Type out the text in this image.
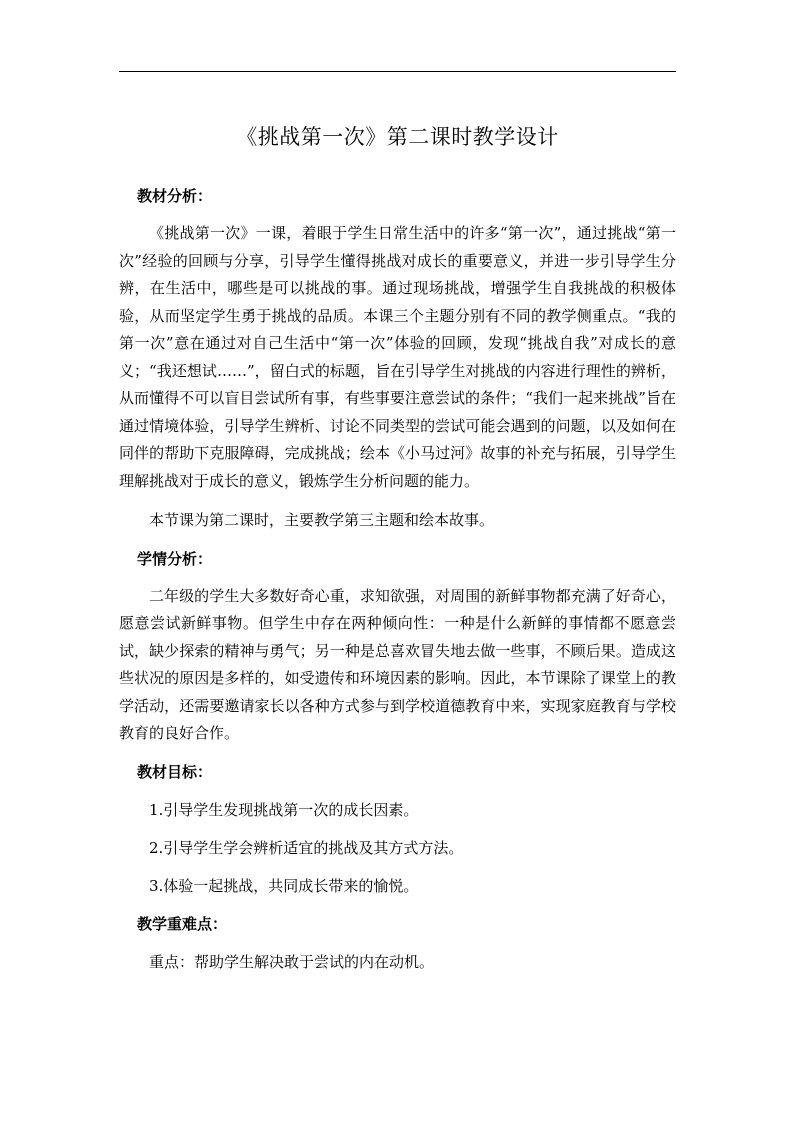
《挑战第一次》第二课时教学设计
教材分析：

《挑战第一次》一课，着眼于学生日常生活中的许多“第一次”，通过挑战“第一次”经验的回顾与分享，引导学生懂得挑战对成长的重要意义，并进一步引导学生分辨，在生活中，哪些是可以挑战的事。通过现场挑战，增强学生自我挑战的积极体验，从而坚定学生勇于挑战的品质。本课三个主题分别有不同的教学侧重点。“我的第一次”意在通过对自己生活中“第一次”体验的回顾，发现“挑战自我”对成长的意义；“我还想试……”，留白式的标题，旨在引导学生对挑战的内容进行理性的辨析，从而懂得不可以盲目尝试所有事，有些事要注意尝试的条件；“我们一起来挑战”旨在通过情境体验，引导学生辨析、讨论不同类型的尝试可能会遇到的问题，以及如何在同伴的帮助下克服障碍，完成挑战；绘本《小马过河》故事的补充与拓展，引导学生理解挑战对于成长的意义，锻炼学生分析问题的能力。

本节课为第二课时，主要教学第三主题和绘本故事。

学情分析：

二年级的学生大多数好奇心重，求知欲强，对周围的新鲜事物都充满了好奇心，愿意尝试新鲜事物。但学生中存在两种倾向性：一种是什么新鲜的事情都不愿意尝试，缺少探索的精神与勇气；另一种是总喜欢冒失地去做一些事，不顾后果。造成这些状况的原因是多样的，如受遗传和环境因素的影响。因此，本节课除了课堂上的教学活动，还需要邀请家长以各种方式参与到学校道德教育中来，实现家庭教育与学校教育的良好合作。

教材目标：

1.引导学生发现挑战第一次的成长因素。

2.引导学生学会辨析适宜的挑战及其方式方法。

3.体验一起挑战，共同成长带来的愉悦。

教学重难点：

重点：帮助学生解决敢于尝试的内在动机。
